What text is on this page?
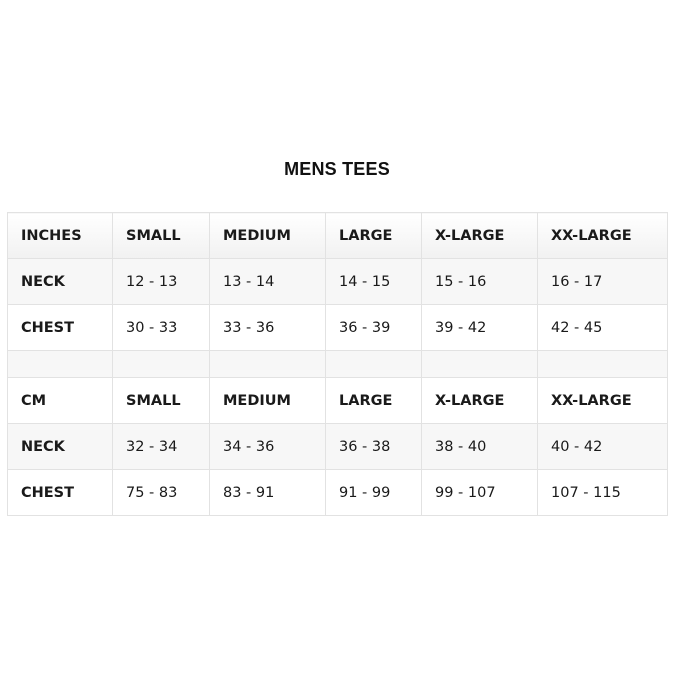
MENS TEES
INCHES	SMALL	MEDIUM	LARGE	X-LARGE	XX-LARGE
NECK	12 - 13	13 - 14	14 - 15	15 - 16	16 - 17
CHEST	30 - 33	33 - 36	36 - 39	39 - 42	42 - 45

CM	SMALL	MEDIUM	LARGE	X-LARGE	XX-LARGE
NECK	32 - 34	34 - 36	36 - 38	38 - 40	40 - 42
CHEST	75 - 83	83 - 91	91 - 99	99 - 107	107 - 115
